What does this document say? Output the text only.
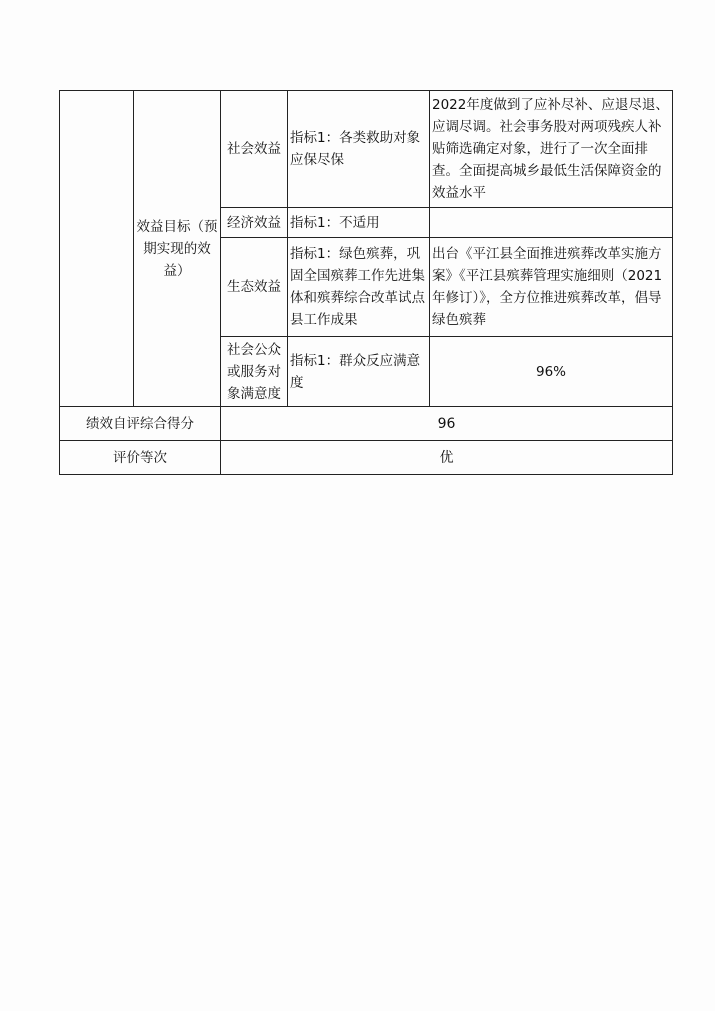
	效益目标（预期实现的效益）	社会效益	指标1：各类救助对象应保尽保	2022年度做到了应补尽补、应退尽退、应调尽调。社会事务股对两项残疾人补贴筛选确定对象，进行了一次全面排查。全面提高城乡最低生活保障资金的效益水平
		经济效益	指标1：不适用	
		生态效益	指标1：绿色殡葬，巩固全国殡葬工作先进集体和殡葬综合改革试点县工作成果	出台《平江县全面推进殡葬改革实施方案》《平江县殡葬管理实施细则（2021年修订）》，全方位推进殡葬改革，倡导绿色殡葬
		社会公众或服务对象满意度	指标1：群众反应满意度	96%
绩效自评综合得分		96		
评价等次		优		
